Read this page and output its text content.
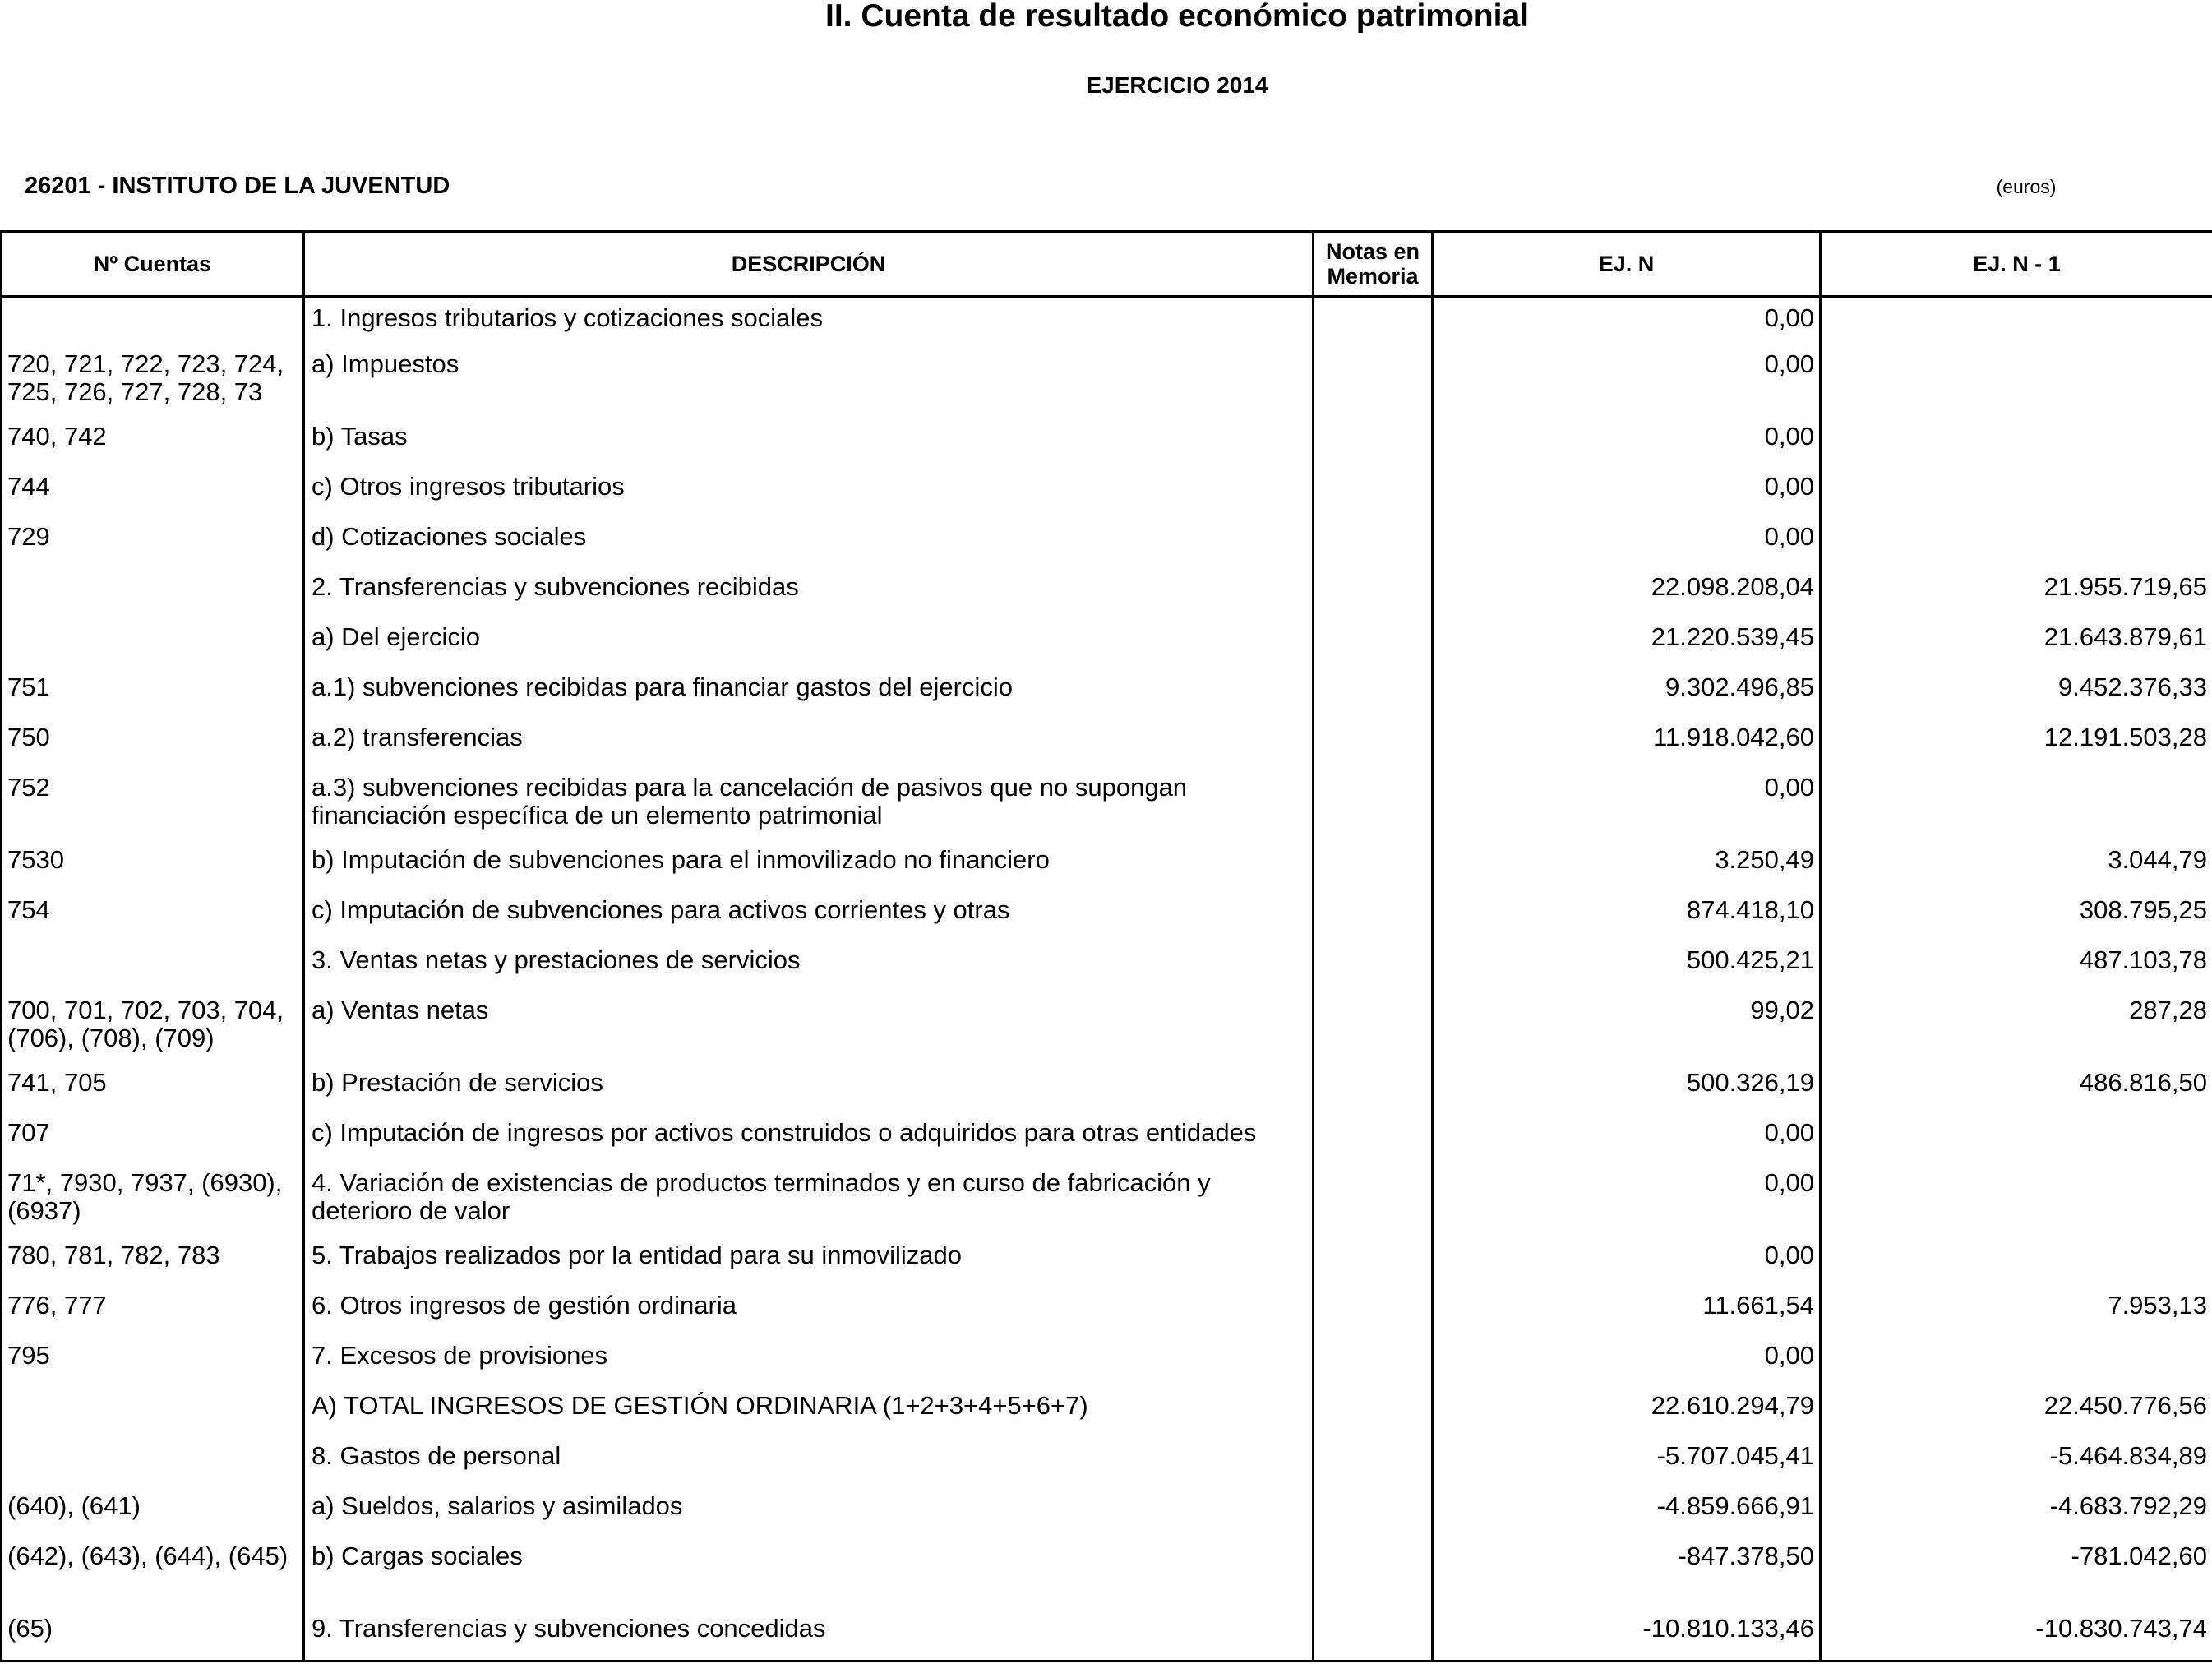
II. Cuenta de resultado económico patrimonial
EJERCICIO 2014
26201 - INSTITUTO DE LA JUVENTUD	(euros)
Nº Cuentas	DESCRIPCIÓN	Notas en Memoria	EJ. N	EJ. N - 1
	1. Ingresos tributarios y cotizaciones sociales		0,00	
720, 721, 722, 723, 724, 725, 726, 727, 728, 73	a) Impuestos		0,00	
740, 742	b) Tasas		0,00	
744	c) Otros ingresos tributarios		0,00	
729	d) Cotizaciones sociales		0,00	
	2. Transferencias y subvenciones recibidas		22.098.208,04	21.955.719,65
	a) Del ejercicio		21.220.539,45	21.643.879,61
751	a.1) subvenciones recibidas para financiar gastos del ejercicio		9.302.496,85	9.452.376,33
750	a.2) transferencias		11.918.042,60	12.191.503,28
752	a.3) subvenciones recibidas para la cancelación de pasivos que no supongan financiación específica de un elemento patrimonial		0,00	
7530	b) Imputación de subvenciones para el inmovilizado no financiero		3.250,49	3.044,79
754	c) Imputación de subvenciones para activos corrientes y otras		874.418,10	308.795,25
	3. Ventas netas y prestaciones de servicios		500.425,21	487.103,78
700, 701, 702, 703, 704, (706), (708), (709)	a) Ventas netas		99,02	287,28
741, 705	b) Prestación de servicios		500.326,19	486.816,50
707	c) Imputación de ingresos por activos construidos o adquiridos para otras entidades		0,00	
71*, 7930, 7937, (6930), (6937)	4. Variación de existencias de productos terminados y en curso de fabricación y deterioro de valor		0,00	
780, 781, 782, 783	5. Trabajos realizados por la entidad para su inmovilizado		0,00	
776, 777	6. Otros ingresos de gestión ordinaria		11.661,54	7.953,13
795	7. Excesos de provisiones		0,00	
	A) TOTAL INGRESOS DE GESTIÓN ORDINARIA (1+2+3+4+5+6+7)		22.610.294,79	22.450.776,56
	8. Gastos de personal		-5.707.045,41	-5.464.834,89
(640), (641)	a) Sueldos, salarios y asimilados		-4.859.666,91	-4.683.792,29
(642), (643), (644), (645)	b) Cargas sociales		-847.378,50	-781.042,60
(65)	9. Transferencias y subvenciones concedidas		-10.810.133,46	-10.830.743,74
